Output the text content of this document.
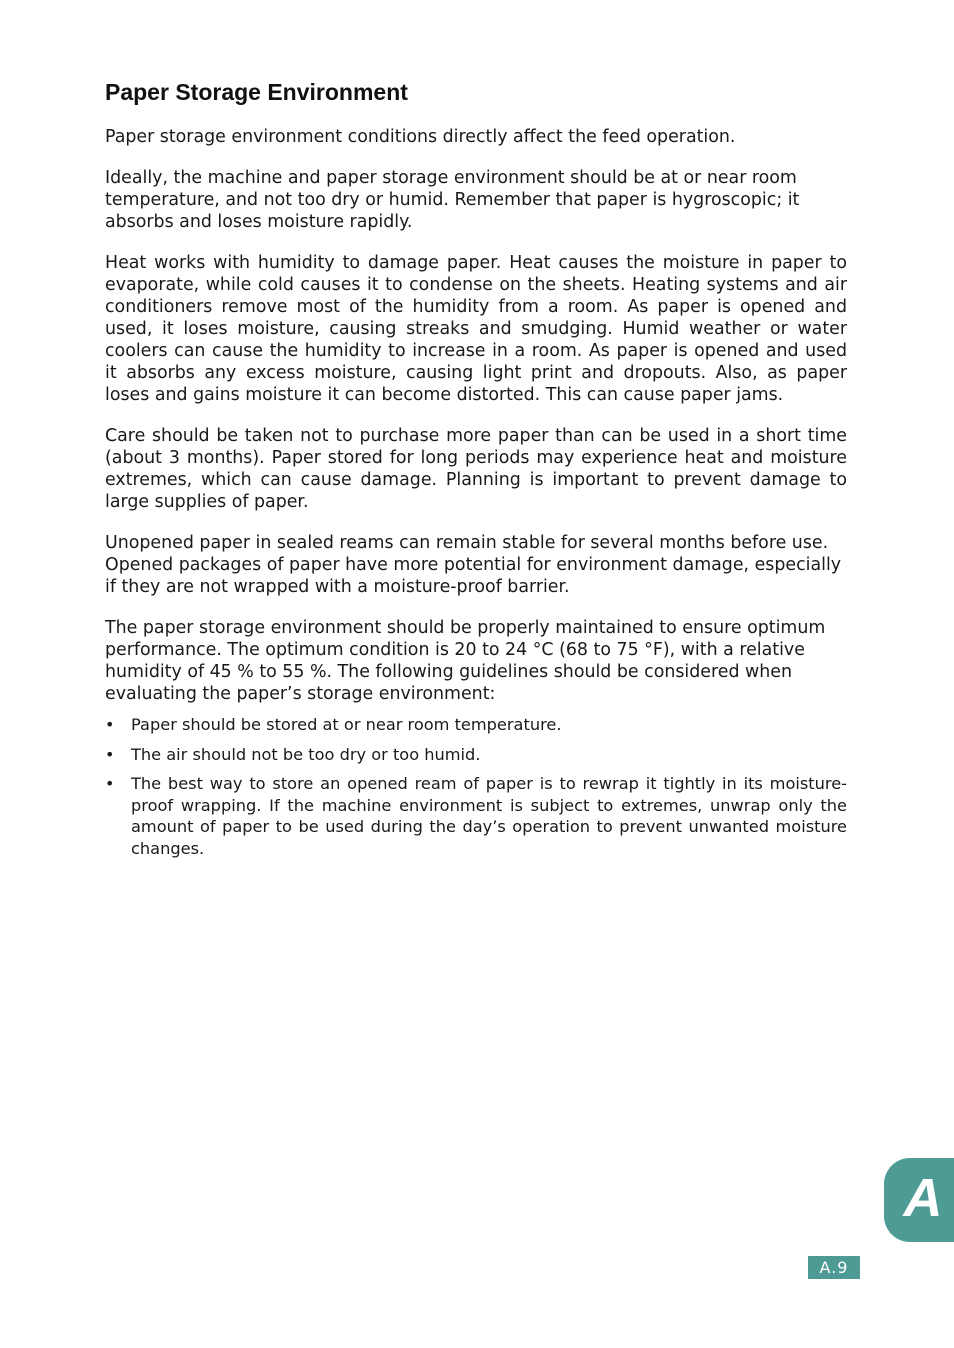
Paper Storage Environment

Paper storage environment conditions directly affect the feed operation.

Ideally, the machine and paper storage environment should be at or near room temperature, and not too dry or humid. Remember that paper is hygroscopic; it absorbs and loses moisture rapidly.

Heat works with humidity to damage paper. Heat causes the moisture in paper to evaporate, while cold causes it to condense on the sheets. Heating systems and air conditioners remove most of the humidity from a room. As paper is opened and used, it loses moisture, causing streaks and smudging. Humid weather or water coolers can cause the humidity to increase in a room. As paper is opened and used it absorbs any excess moisture, causing light print and dropouts. Also, as paper loses and gains moisture it can become distorted. This can cause paper jams.

Care should be taken not to purchase more paper than can be used in a short time (about 3 months). Paper stored for long periods may experience heat and moisture extremes, which can cause damage. Planning is important to prevent damage to large supplies of paper.

Unopened paper in sealed reams can remain stable for several months before use. Opened packages of paper have more potential for environment damage, especially if they are not wrapped with a moisture-proof barrier.

The paper storage environment should be properly maintained to ensure optimum performance. The optimum condition is 20 to 24 °C (68 to 75 °F), with a relative humidity of 45 % to 55 %. The following guidelines should be considered when evaluating the paper’s storage environment:

• Paper should be stored at or near room temperature.
• The air should not be too dry or too humid.
• The best way to store an opened ream of paper is to rewrap it tightly in its moisture-proof wrapping. If the machine environment is subject to extremes, unwrap only the amount of paper to be used during the day’s operation to prevent unwanted moisture changes.
A
A.9
